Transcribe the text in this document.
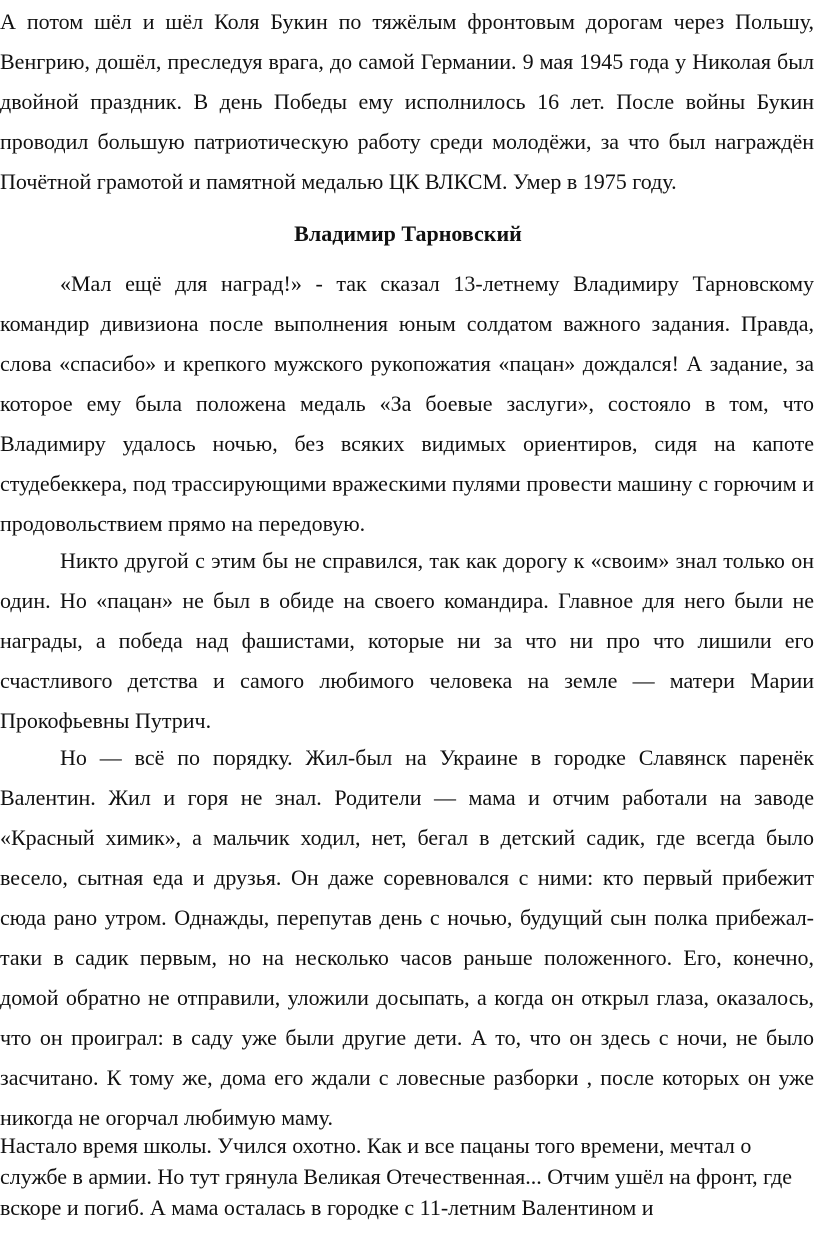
А потом шёл и шёл Коля Букин по тяжёлым фронтовым дорогам через Польшу, Венгрию, дошёл, преследуя врага, до самой Германии. 9 мая 1945 года у Николая был двойной праздник. В день Победы ему исполнилось 16 лет. После войны Букин проводил большую патриотическую работу среди молодёжи, за что был награждён Почётной грамотой и памятной медалью ЦК ВЛКСМ. Умер в 1975 году.

Владимир Тарновский

«Мал ещё для наград!» - так сказал 13-летнему Владимиру Тарновскому командир дивизиона после выполнения юным солдатом важного задания. Правда, слова «спасибо» и крепкого мужского рукопожатия «пацан» дождался! А задание, за которое ему была положена медаль «За боевые заслуги», состояло в том, что Владимиру удалось ночью, без всяких видимых ориентиров, сидя на капоте студебеккера, под трассирующими вражескими пулями провести машину с горючим и продовольствием прямо на передовую.

Никто другой с этим бы не справился, так как дорогу к «своим» знал только он один. Но «пацан» не был в обиде на своего командира. Главное для него были не награды, а победа над фашистами, которые ни за что ни про что лишили его счастливого детства и самого любимого человека на земле — матери Марии Прокофьевны Путрич.

Но — всё по порядку. Жил-был на Украине в городке Славянск паренёк Валентин. Жил и горя не знал. Родители — мама и отчим работали на заводе «Красный химик», а мальчик ходил, нет, бегал в детский садик, где всегда было весело, сытная еда и друзья. Он даже соревновался с ними: кто первый прибежит сюда рано утром. Однажды, перепутав день с ночью, будущий сын полка прибежал-таки в садик первым, но на несколько часов раньше положенного. Его, конечно, домой обратно не отправили, уложили досыпать, а когда он открыл глаза, оказалось, что он проиграл: в саду уже были другие дети. А то, что он здесь с ночи, не было засчитано. К тому же, дома его ждали с ловесные разборки , после которых он уже никогда не огорчал любимую маму.

Настало время школы. Учился охотно. Как и все пацаны того времени, мечтал о службе в армии. Но тут грянула Великая Отечественная... Отчим ушёл на фронт, где вскоре и погиб. А мама осталась в городке с 11-летним Валентином и
